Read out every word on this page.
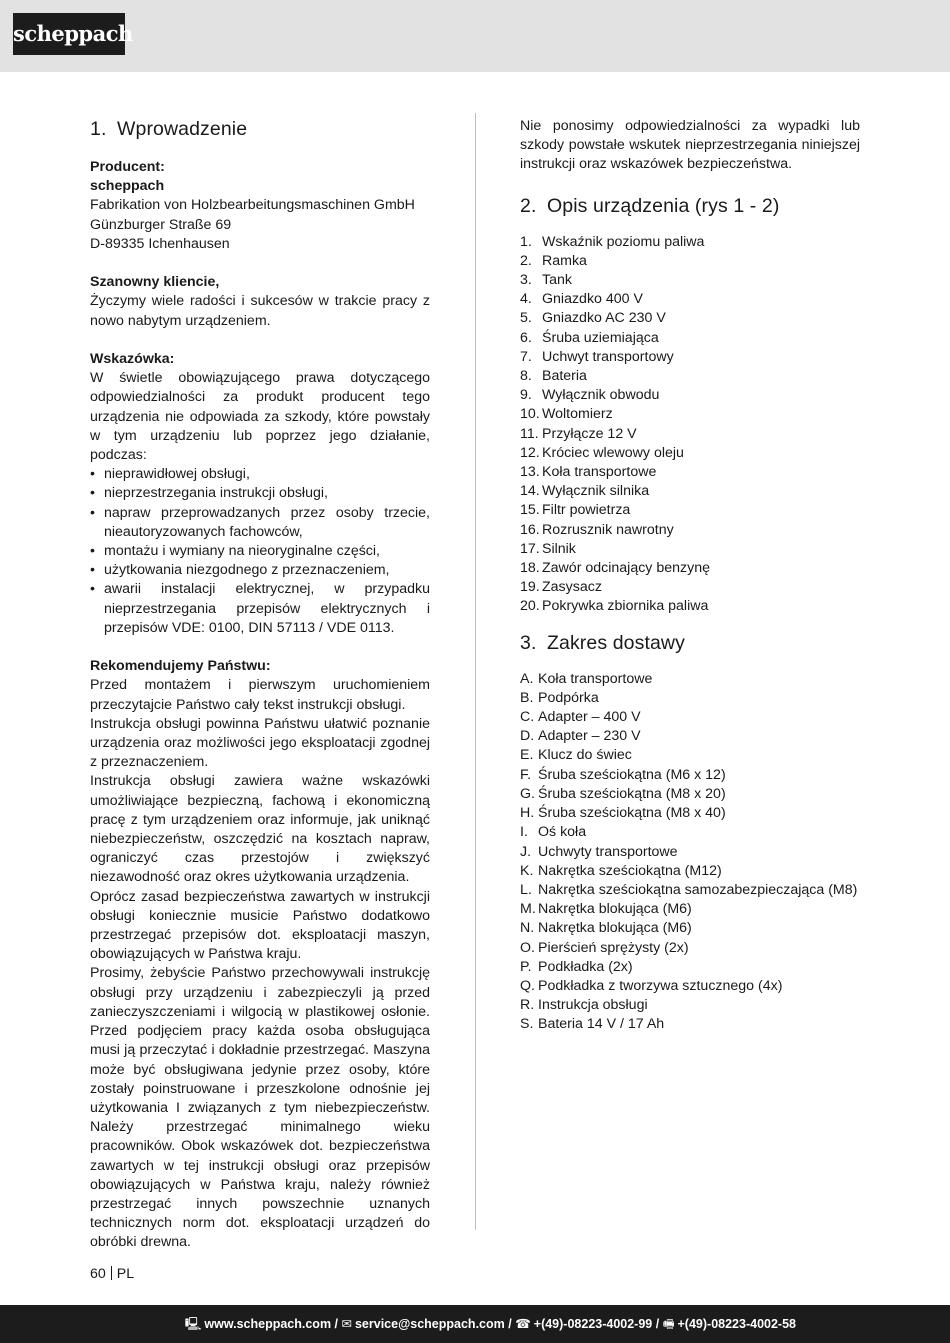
scheppach
1. Wprowadzenie

Producent:

scheppach

Fabrikation von Holzbearbeitungsmaschinen GmbH

Günzburger Straße 69

D-89335 Ichenhausen

Szanowny kliencie,

Życzymy wiele radości i sukcesów w trakcie pracy z nowo nabytym urządzeniem.

Wskazówka:

W świetle obowiązującego prawa dotyczącego odpowiedzialności za produkt producent tego urządzenia nie odpowiada za szkody, które powstały w tym urządzeniu lub poprzez jego działanie, podczas:

• nieprawidłowej obsługi,
• nieprzestrzegania instrukcji obsługi,
• napraw przeprowadzanych przez osoby trzecie, nieautoryzowanych fachowców,
• montażu i wymiany na nieoryginalne części,
• użytkowania niezgodnego z przeznaczeniem,
• awarii instalacji elektrycznej, w przypadku nieprzestrzegania przepisów elektrycznych i przepisów VDE: 0100, DIN 57113 / VDE 0113.

Rekomendujemy Państwu:

Przed montażem i pierwszym uruchomieniem przeczytajcie Państwo cały tekst instrukcji obsługi.

Instrukcja obsługi powinna Państwu ułatwić poznanie urządzenia oraz możliwości jego eksploatacji zgodnej z przeznaczeniem.

Instrukcja obsługi zawiera ważne wskazówki umożliwiające bezpieczną, fachową i ekonomiczną pracę z tym urządzeniem oraz informuje, jak uniknąć niebezpieczeństw, oszczędzić na kosztach napraw, ograniczyć czas przestojów i zwiększyć niezawodność oraz okres użytkowania urządzenia.

Oprócz zasad bezpieczeństwa zawartych w instrukcji obsługi koniecznie musicie Państwo dodatkowo przestrzegać przepisów dot. eksploatacji maszyn, obowiązujących w Państwa kraju.

Prosimy, żebyście Państwo przechowywali instrukcję obsługi przy urządzeniu i zabezpieczyli ją przed zanieczyszczeniami i wilgocią w plastikowej osłonie. Przed podjęciem pracy każda osoba obsługująca musi ją przeczytać i dokładnie przestrzegać. Maszyna może być obsługiwana jedynie przez osoby, które zostały poinstruowane i przeszkolone odnośnie jej użytkowania I związanych z tym niebezpieczeństw. Należy przestrzegać minimalnego wieku pracowników. Obok wskazówek dot. bezpieczeństwa zawartych w tej instrukcji obsługi oraz przepisów obowiązujących w Państwa kraju, należy również przestrzegać innych powszechnie uznanych technicznych norm dot. eksploatacji urządzeń do obróbki drewna.

Nie ponosimy odpowiedzialności za wypadki lub szkody powstałe wskutek nieprzestrzegania niniejszej instrukcji oraz wskazówek bezpieczeństwa.

2. Opis urządzenia (rys 1 - 2)
1. Wskaźnik poziomu paliwa
2. Ramka
3. Tank
4. Gniazdko 400 V
5. Gniazdko AC 230 V
6. Śruba uziemiająca
7. Uchwyt transportowy
8. Bateria
9. Wyłącznik obwodu
10. Woltomierz
11. Przyłącze 12 V
12. Króciec wlewowy oleju
13. Koła transportowe
14. Wyłącznik silnika
15. Filtr powietrza
16. Rozrusznik nawrotny
17. Silnik
18. Zawór odcinający benzynę
19. Zasysacz
20. Pokrywka zbiornika paliwa
3. Zakres dostawy
A. Koła transportowe
B. Podpórka
C. Adapter – 400 V
D. Adapter – 230 V
E. Klucz do świec
F. Śruba sześciokątna (M6 x 12)
G. Śruba sześciokątna (M8 x 20)
H. Śruba sześciokątna (M8 x 40)
I. Oś koła
J. Uchwyty transportowe
K. Nakrętka sześciokątna (M12)
L. Nakrętka sześciokątna samozabezpieczająca (M8)
M. Nakrętka blokująca (M6)
N. Nakrętka blokująca (M6)
O. Pierścień sprężysty (2x)
P. Podkładka (2x)
Q. Podkładka z tworzywa sztucznego (4x)
R. Instrukcja obsługi
S. Bateria 14 V / 17 Ah
60 PL
🖳 www.scheppach.com / ✉ service@scheppach.com / ☎ +(49)-08223-4002-99 / 🖷 +(49)-08223-4002-58
